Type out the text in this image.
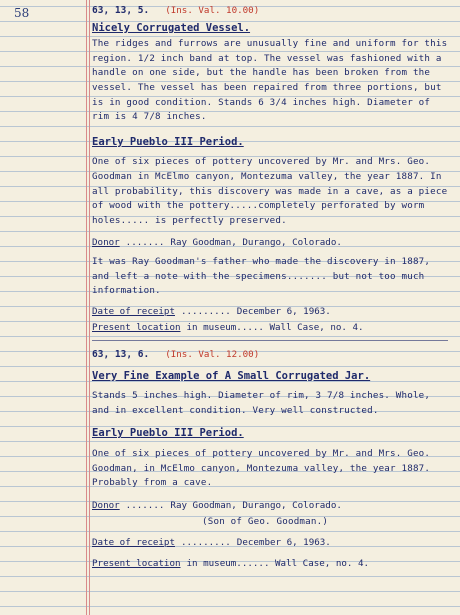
58	63, 13, 5. (Ins. Val. 10.00)
Nicely Corrugated Vessel.
The ridges and furrows are unusually fine and uniform for this region. 1/2 inch band at top. The vessel was fashioned with a handle on one side, but the handle has been broken from the vessel. The vessel has been repaired from three portions, but is in good condition. Stands 6 3/4 inches high. Diameter of rim is 4 7/8 inches.
Early Pueblo III Period.
One of six pieces of pottery uncovered by Mr. and Mrs. Geo. Goodman in McElmo canyon, Montezuma valley, the year 1887. In all probability, this discovery was made in a cave, as a piece of wood with the pottery.....completely perforated by worm holes..... is perfectly preserved.
Donor ....... Ray Goodman, Durango, Colorado.
It was Ray Goodman's father who made the discovery in 1887, and left a note with the specimens....... but not too much information.
Date of receipt ......... December 6, 1963.
Present location in museum..... Wall Case, no. 4.
63, 13, 6. (Ins. Val. 12.00)
Very Fine Example of A Small Corrugated Jar.
Stands 5 inches high. Diameter of rim, 3 7/8 inches. Whole, and in excellent condition. Very well constructed.
Early Pueblo III Period.
One of six pieces of pottery uncovered by Mr. and Mrs. Geo. Goodman, in McElmo canyon, Montezuma valley, the year 1887. Probably from a cave.
Donor ....... Ray Goodman, Durango, Colorado.
(Son of Geo. Goodman.)
Date of receipt ......... December 6, 1963.
Present location in museum...... Wall Case, no. 4.
